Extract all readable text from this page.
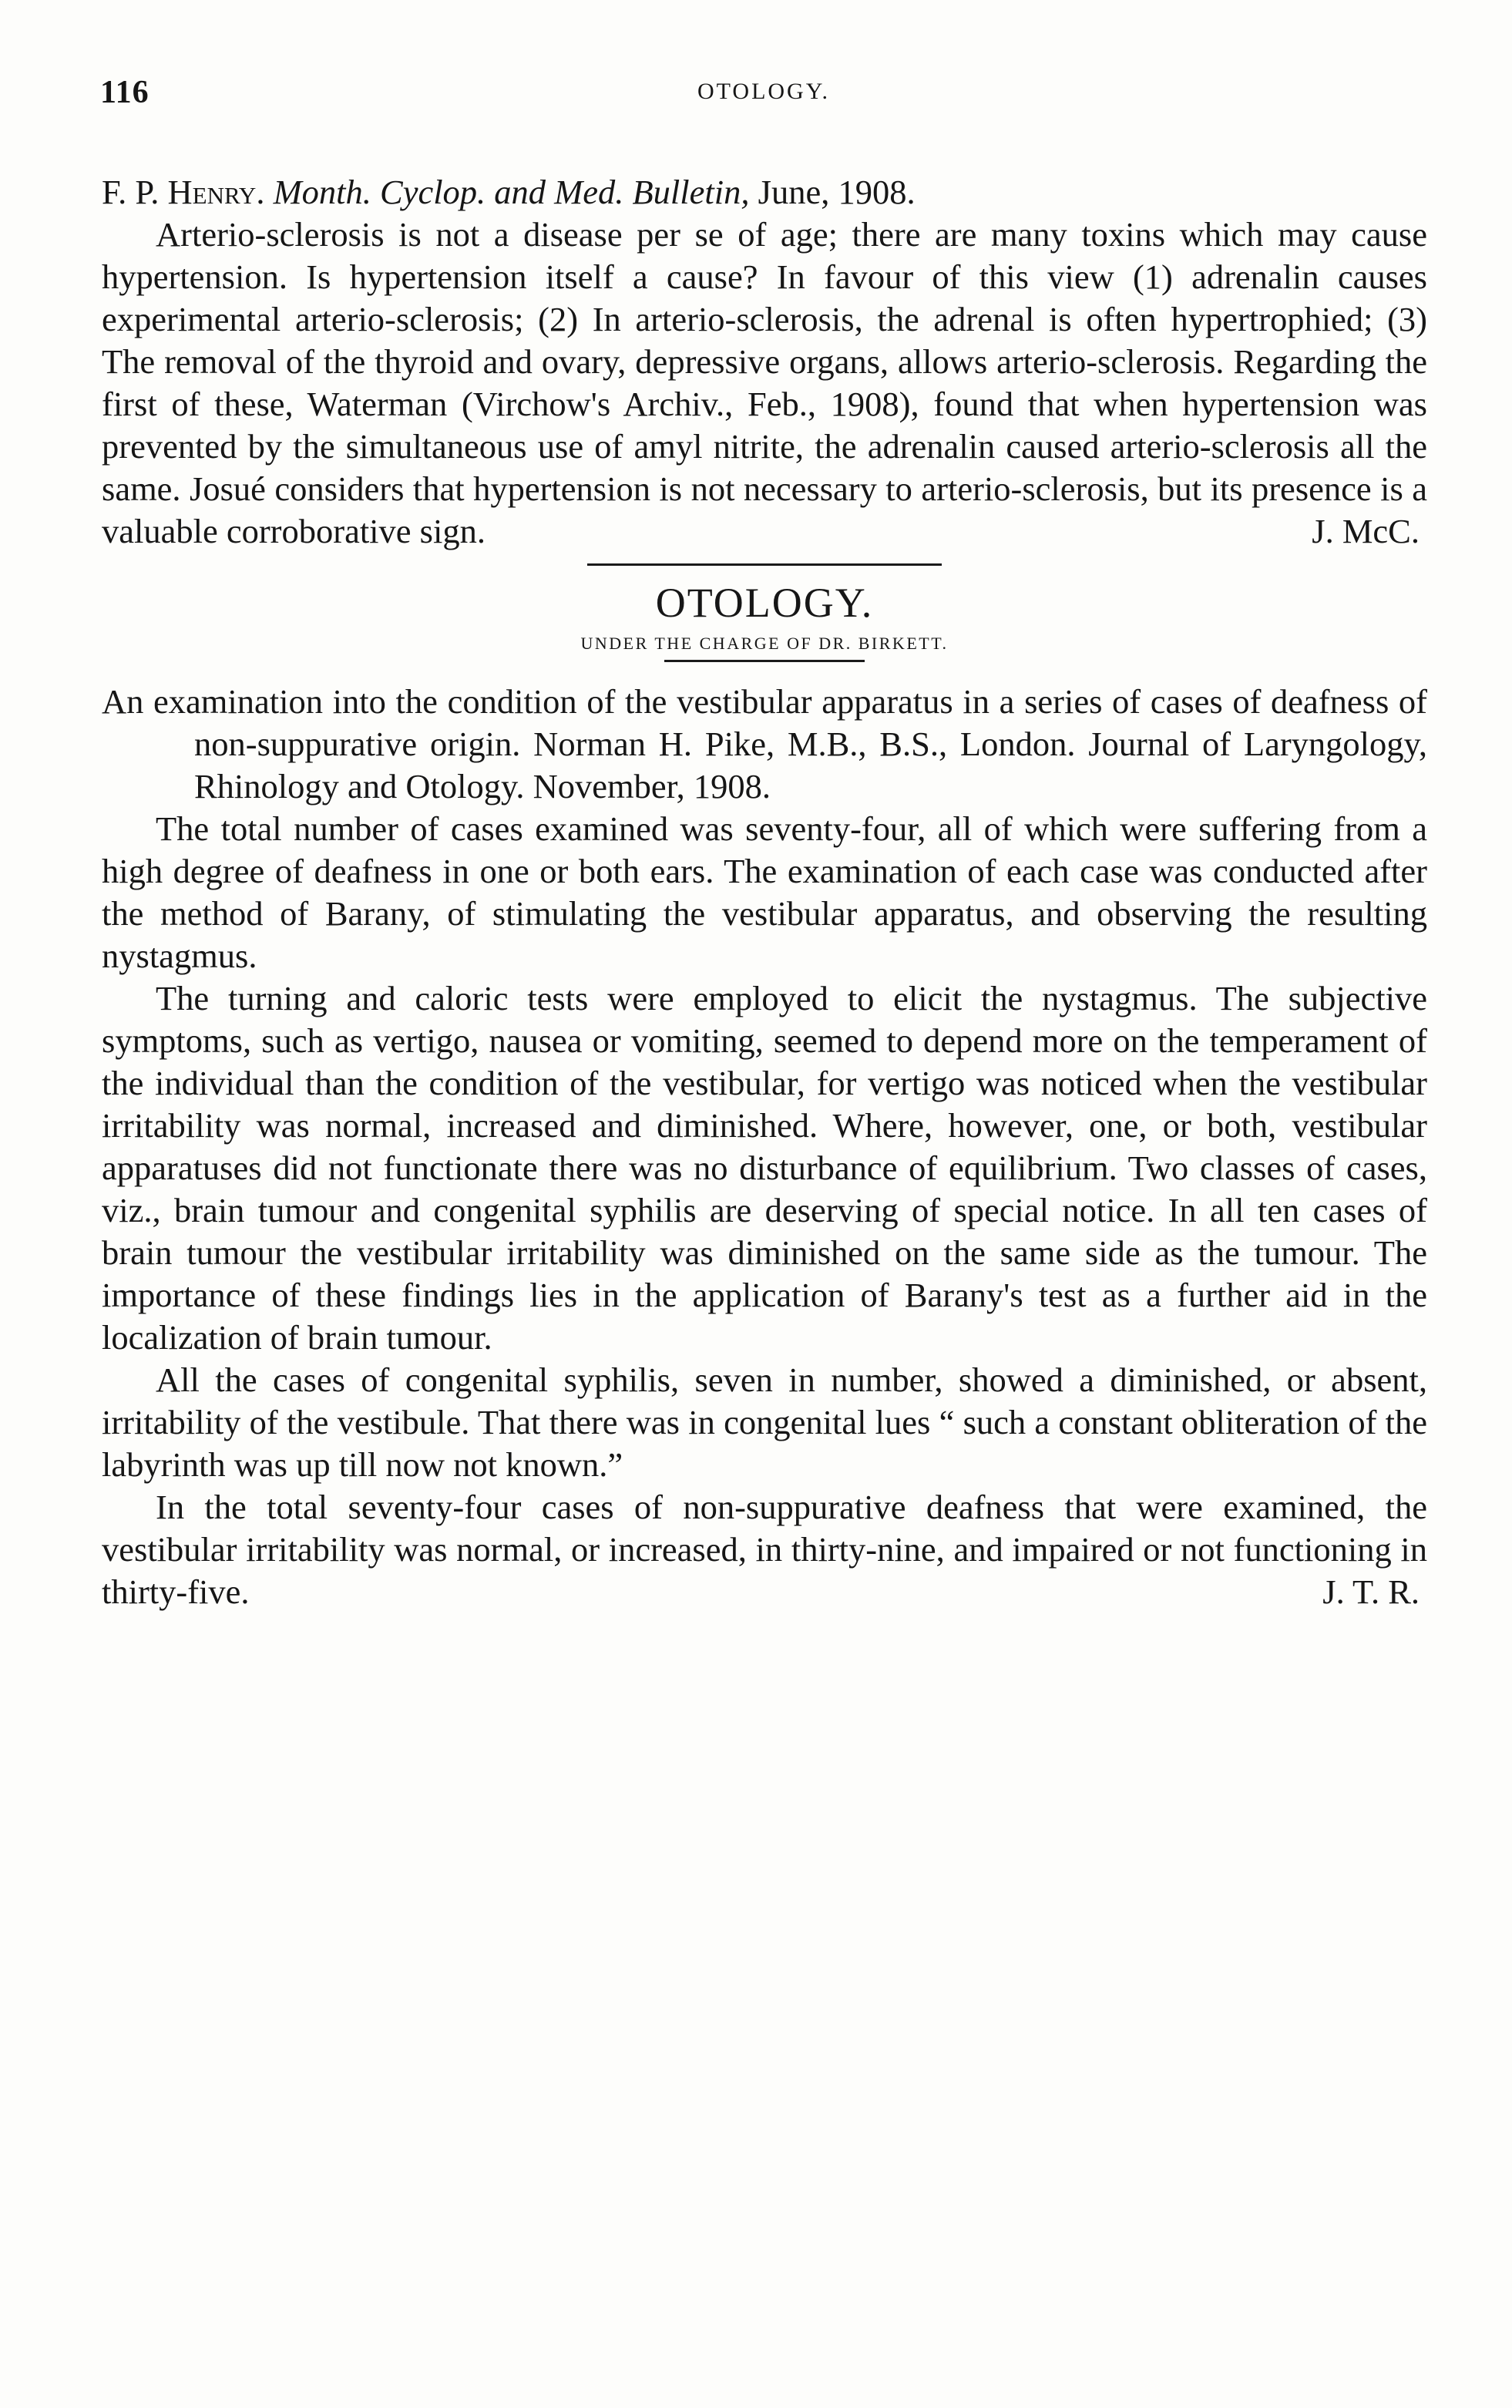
116	OTOLOGY.

F. P. Henry. Month. Cyclop. and Med. Bulletin, June, 1908.

Arterio-sclerosis is not a disease per se of age; there are many toxins which may cause hypertension. Is hypertension itself a cause? In favour of this view (1) adrenalin causes experimental arterio-sclerosis; (2) In arterio-sclerosis, the adrenal is often hypertrophied; (3) The removal of the thyroid and ovary, depressive organs, allows arterio-sclerosis. Regarding the first of these, Waterman (Virchow's Archiv., Feb., 1908), found that when hypertension was prevented by the simultaneous use of amyl nitrite, the adrenalin caused arterio-sclerosis all the same. Josué considers that hypertension is not necessary to arterio-sclerosis, but its presence is a valuable corroborative sign.	J. McC.

OTOLOGY.
UNDER THE CHARGE OF DR. BIRKETT.

An examination into the condition of the vestibular apparatus in a series of cases of deafness of non-suppurative origin. Norman H. Pike, M.B., B.S., London. Journal of Laryngology, Rhinology and Otology. November, 1908.

The total number of cases examined was seventy-four, all of which were suffering from a high degree of deafness in one or both ears. The examination of each case was conducted after the method of Barany, of stimulating the vestibular apparatus, and observing the resulting nystagmus.

The turning and caloric tests were employed to elicit the nystagmus. The subjective symptoms, such as vertigo, nausea or vomiting, seemed to depend more on the temperament of the individual than the condition of the vestibular, for vertigo was noticed when the vestibular irritability was normal, increased and diminished. Where, however, one, or both, vestibular apparatuses did not functionate there was no disturbance of equilibrium. Two classes of cases, viz., brain tumour and congenital syphilis are deserving of special notice. In all ten cases of brain tumour the vestibular irritability was diminished on the same side as the tumour. The importance of these findings lies in the application of Barany's test as a further aid in the localization of brain tumour.

All the cases of congenital syphilis, seven in number, showed a diminished, or absent, irritability of the vestibule. That there was in congenital lues “ such a constant obliteration of the labyrinth was up till now not known.”

In the total seventy-four cases of non-suppurative deafness that were examined, the vestibular irritability was normal, or increased, in thirty-nine, and impaired or not functioning in thirty-five.	J. T. R.
